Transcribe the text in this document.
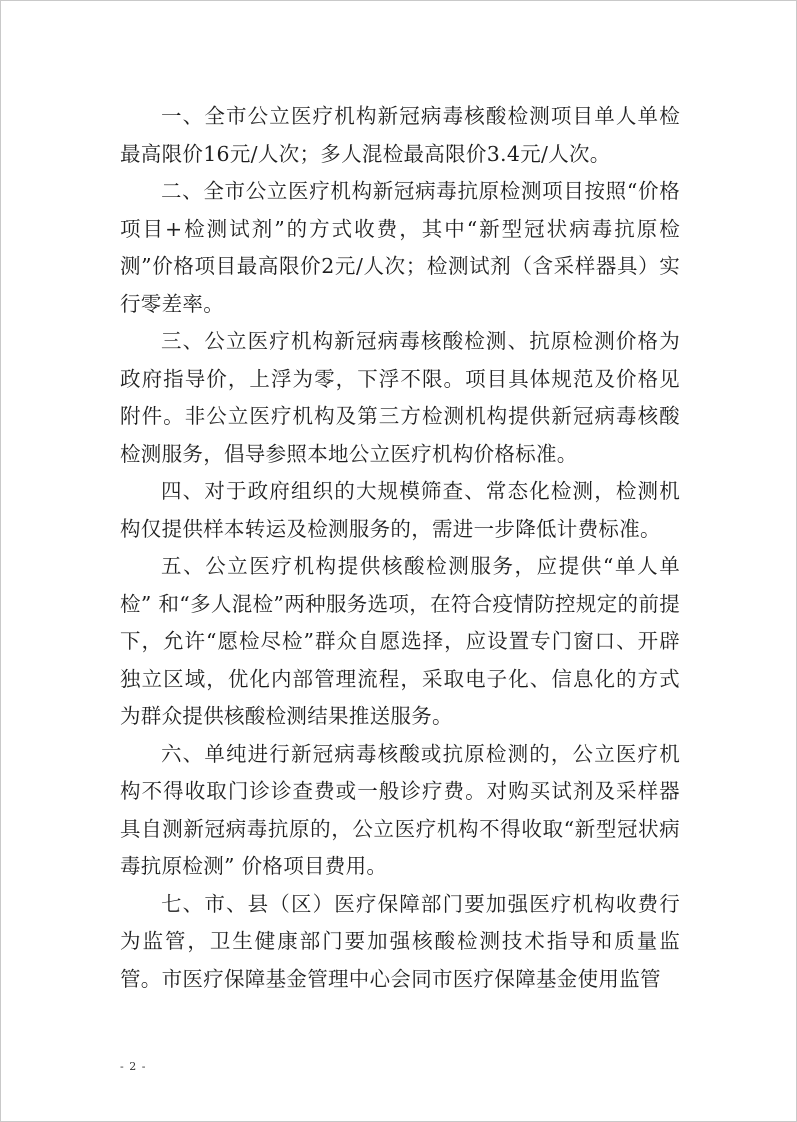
一、全市公立医疗机构新冠病毒核酸检测项目单人单检最高限价16元/人次；多人混检最高限价3.4元/人次。

二、全市公立医疗机构新冠病毒抗原检测项目按照“价格项目+检测试剂”的方式收费，其中“新型冠状病毒抗原检测”价格项目最高限价2元/人次；检测试剂（含采样器具）实行零差率。

三、公立医疗机构新冠病毒核酸检测、抗原检测价格为政府指导价，上浮为零，下浮不限。项目具体规范及价格见附件。非公立医疗机构及第三方检测机构提供新冠病毒核酸检测服务，倡导参照本地公立医疗机构价格标准。

四、对于政府组织的大规模筛查、常态化检测，检测机构仅提供样本转运及检测服务的，需进一步降低计费标准。

五、公立医疗机构提供核酸检测服务，应提供“单人单检” 和“多人混检”两种服务选项，在符合疫情防控规定的前提下，允许“愿检尽检”群众自愿选择，应设置专门窗口、开辟独立区域，优化内部管理流程，采取电子化、信息化的方式为群众提供核酸检测结果推送服务。

六、单纯进行新冠病毒核酸或抗原检测的，公立医疗机构不得收取门诊诊查费或一般诊疗费。对购买试剂及采样器具自测新冠病毒抗原的，公立医疗机构不得收取“新型冠状病毒抗原检测” 价格项目费用。

七、市、县（区）医疗保障部门要加强医疗机构收费行为监管，卫生健康部门要加强核酸检测技术指导和质量监管。市医疗保障基金管理中心会同市医疗保障基金使用监管

- 2 -
